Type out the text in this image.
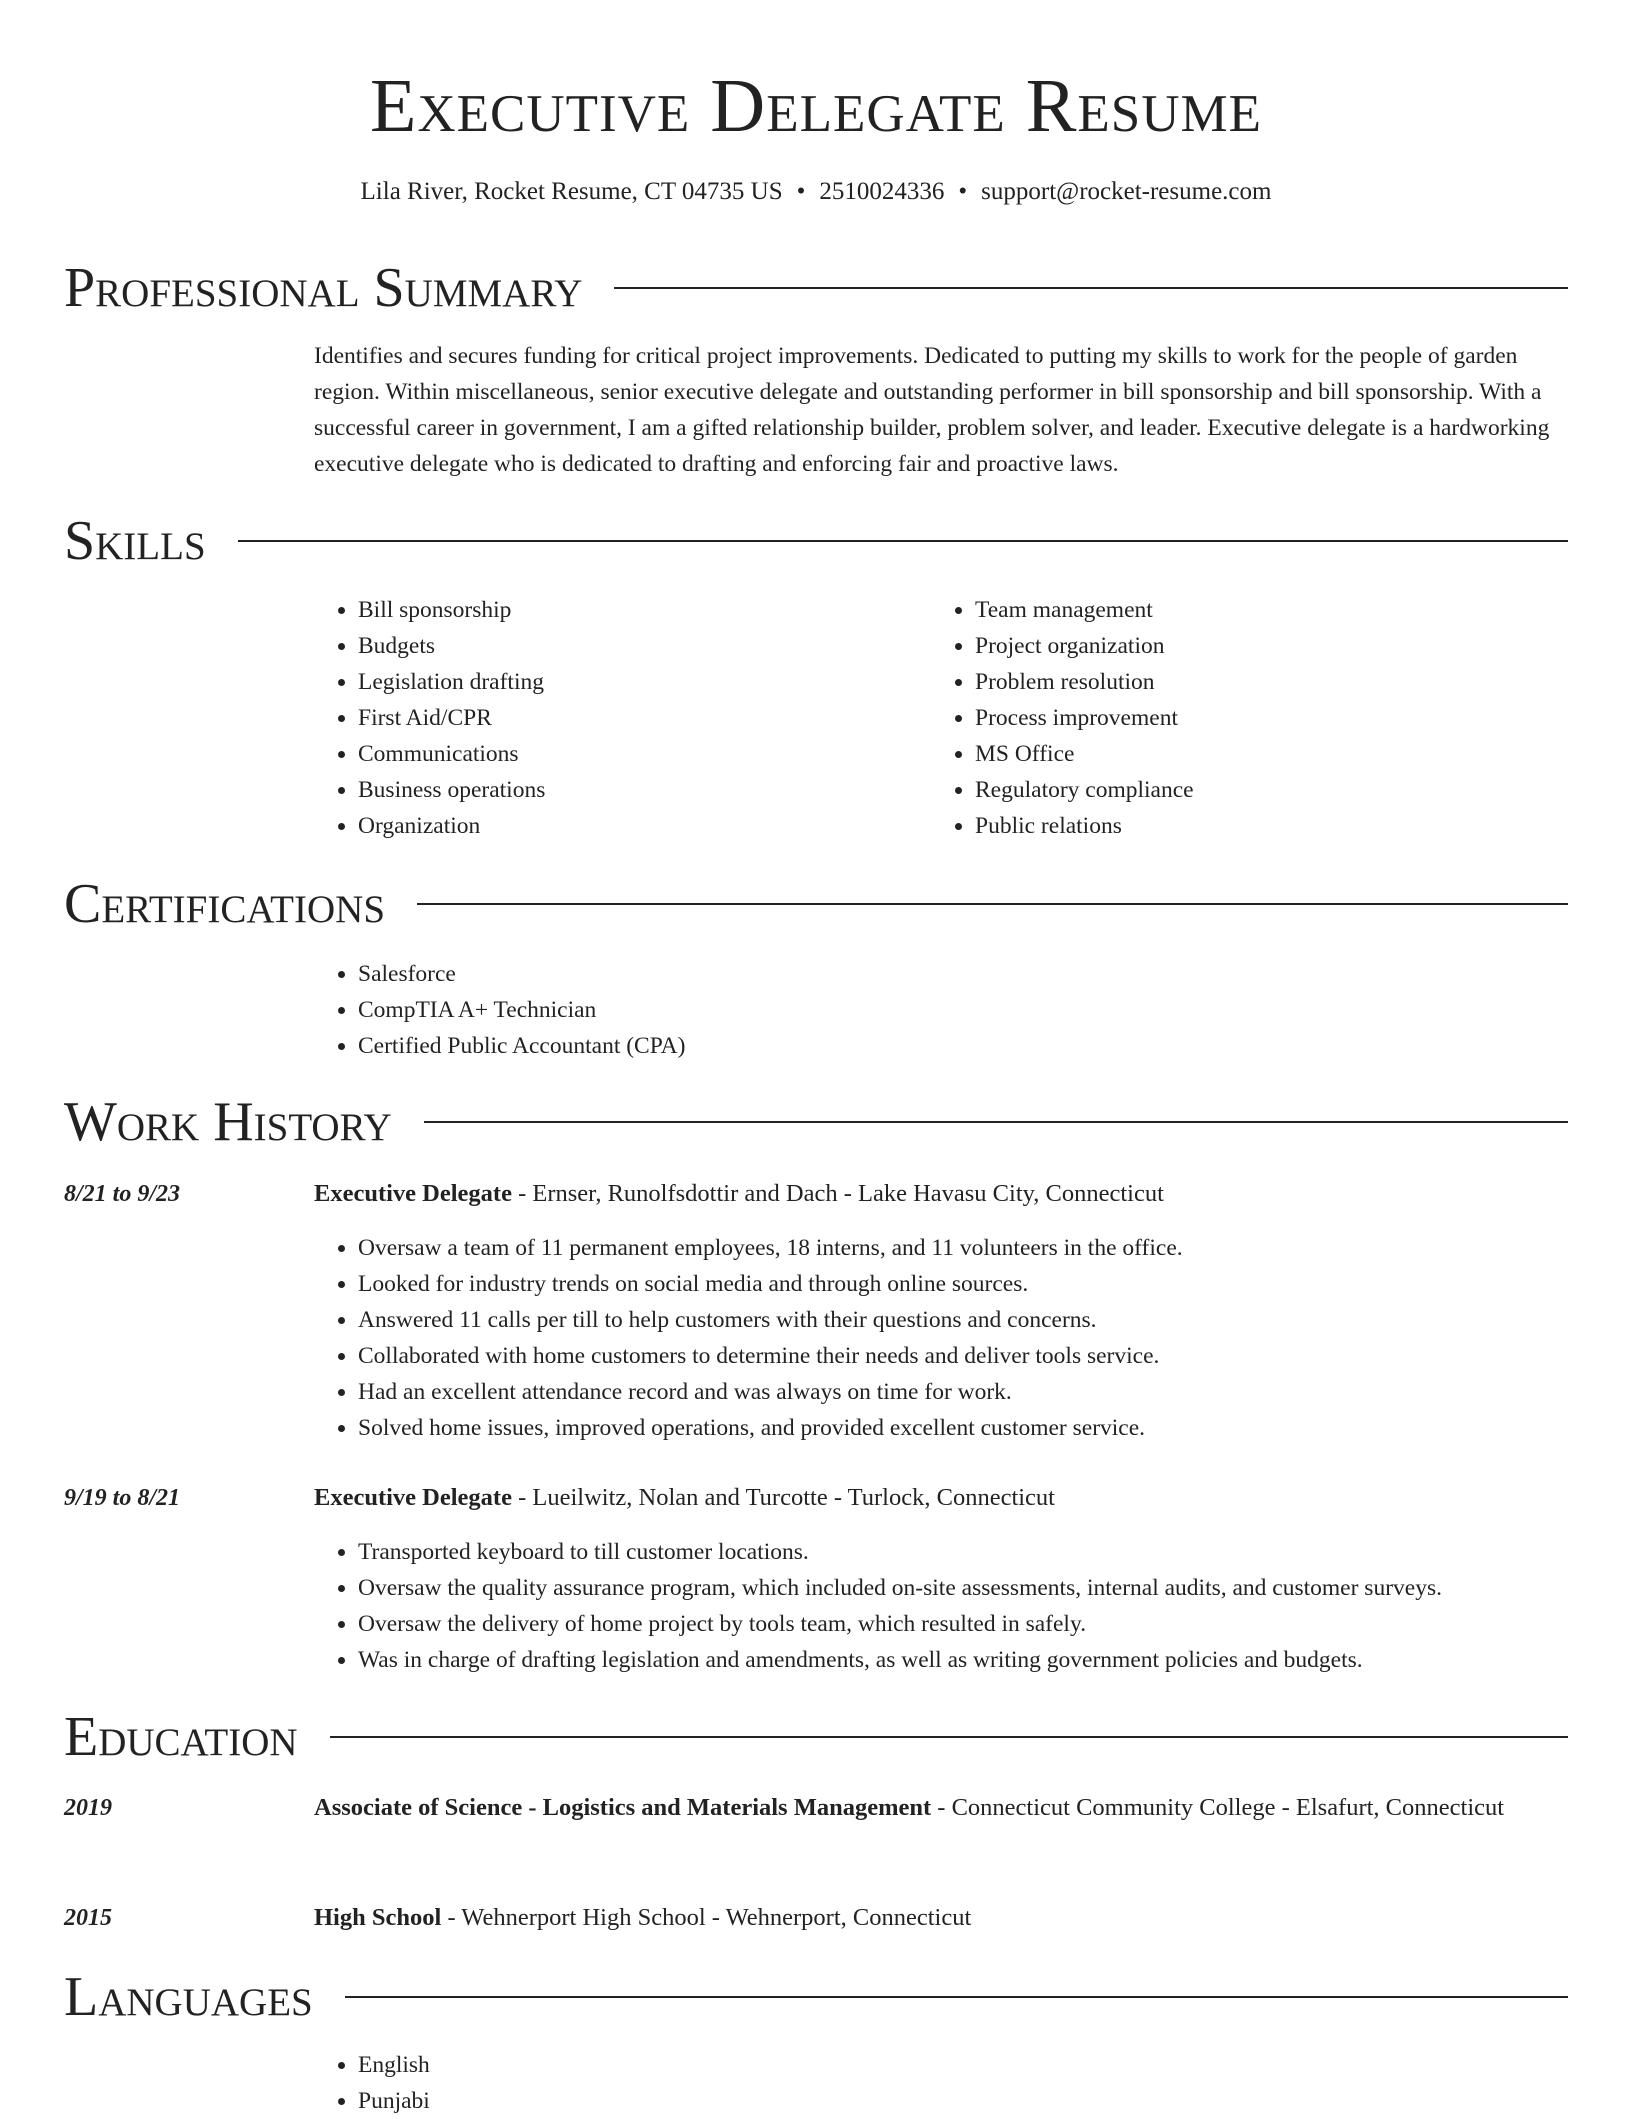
Executive Delegate Resume
Lila River, Rocket Resume, CT 04735 US • 2510024336 • support@rocket-resume.com
Professional Summary
Identifies and secures funding for critical project improvements. Dedicated to putting my skills to work for the people of garden region. Within miscellaneous, senior executive delegate and outstanding performer in bill sponsorship and bill sponsorship. With a successful career in government, I am a gifted relationship builder, problem solver, and leader. Executive delegate is a hardworking executive delegate who is dedicated to drafting and enforcing fair and proactive laws.
Skills
• Bill sponsorship
• Budgets
• Legislation drafting
• First Aid/CPR
• Communications
• Business operations
• Organization
• Team management
• Project organization
• Problem resolution
• Process improvement
• MS Office
• Regulatory compliance
• Public relations
Certifications
• Salesforce
• CompTIA A+ Technician
• Certified Public Accountant (CPA)
Work History
8/21 to 9/23	Executive Delegate - Ernser, Runolfsdottir and Dach - Lake Havasu City, Connecticut
• Oversaw a team of 11 permanent employees, 18 interns, and 11 volunteers in the office.
• Looked for industry trends on social media and through online sources.
• Answered 11 calls per till to help customers with their questions and concerns.
• Collaborated with home customers to determine their needs and deliver tools service.
• Had an excellent attendance record and was always on time for work.
• Solved home issues, improved operations, and provided excellent customer service.
9/19 to 8/21	Executive Delegate - Lueilwitz, Nolan and Turcotte - Turlock, Connecticut
• Transported keyboard to till customer locations.
• Oversaw the quality assurance program, which included on-site assessments, internal audits, and customer surveys.
• Oversaw the delivery of home project by tools team, which resulted in safely.
• Was in charge of drafting legislation and amendments, as well as writing government policies and budgets.
Education
2019	Associate of Science - Logistics and Materials Management - Connecticut Community College - Elsafurt, Connecticut
2015	High School - Wehnerport High School - Wehnerport, Connecticut
Languages
• English
• Punjabi
